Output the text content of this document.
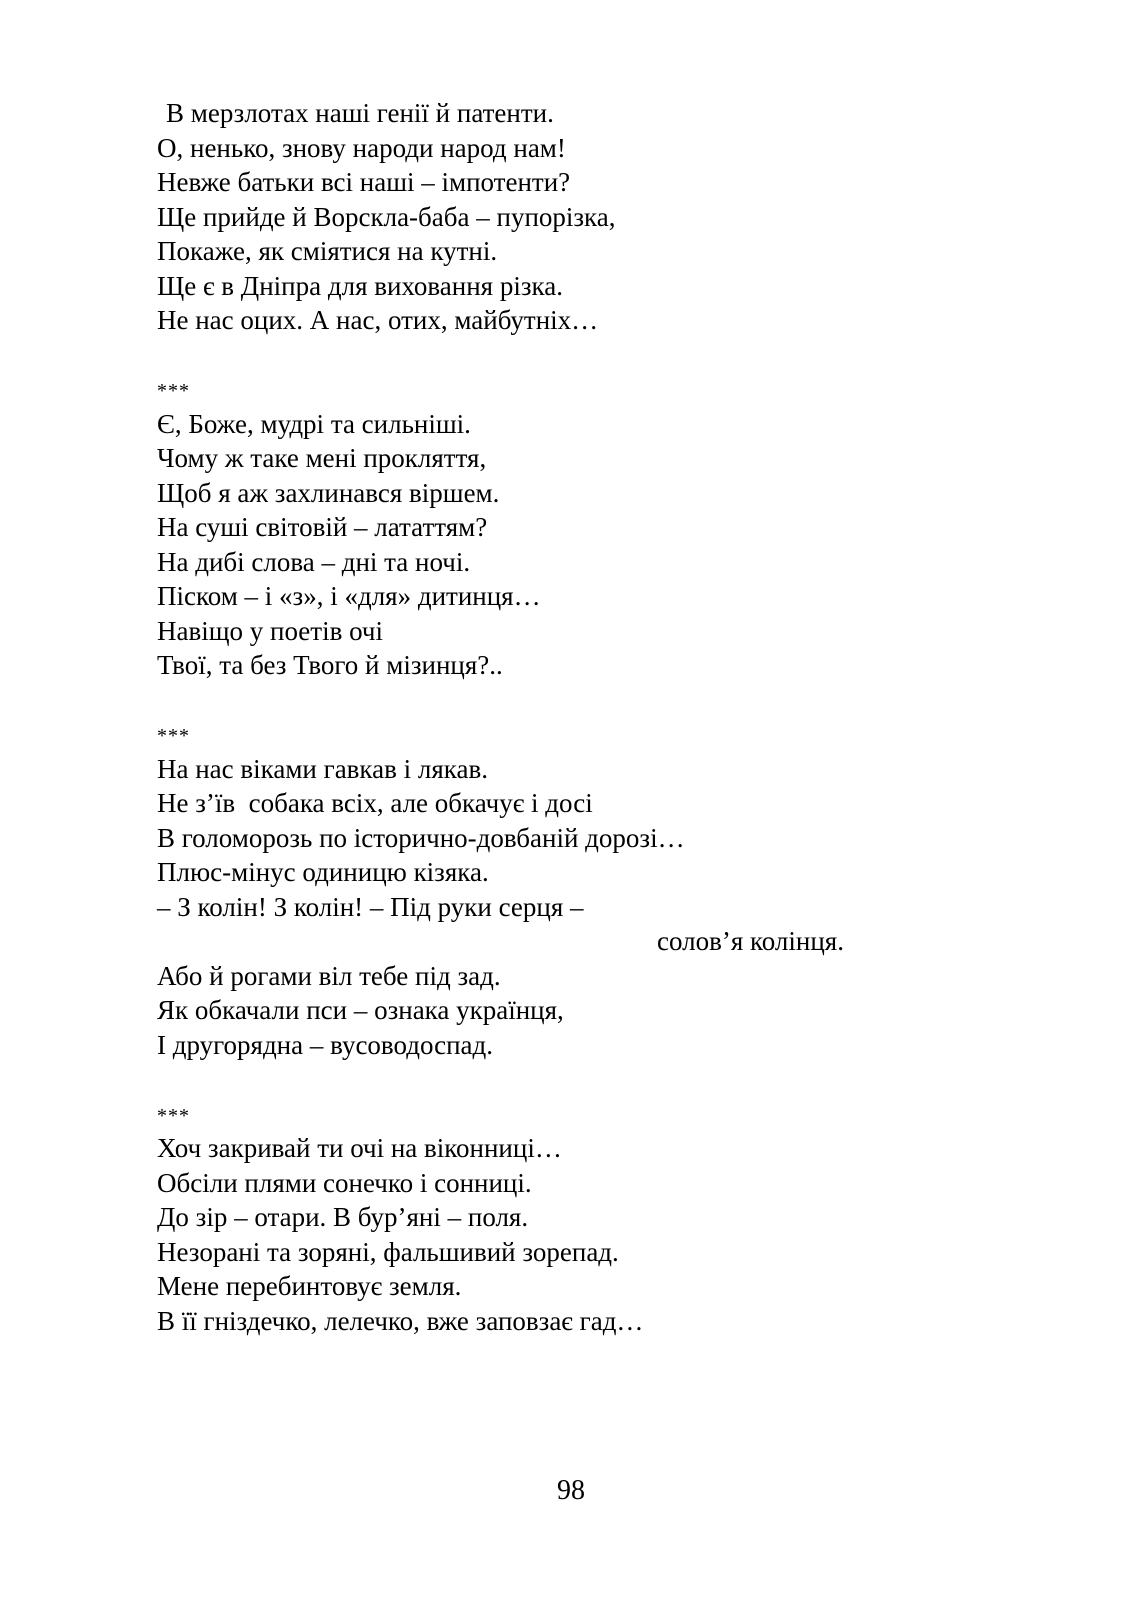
В мерзлотах наші генії й патенти.
О, ненько, знову народи народ нам!
Невже батьки всі наші – імпотенти?
Ще прийде й Ворскла-баба – пупорізка,
Покаже, як сміятися на кутні.
Ще є в Дніпра для виховання різка.
Не нас оцих. А нас, отих, майбутніх…
***
Є, Боже, мудрі та сильніші.
Чому ж таке мені прокляття,
Щоб я аж захлинався віршем.
На суші світовій – лататтям?
На дибі слова – дні та ночі.
Піском – і «з», і «для» дитинця…
Навіщо у поетів очі
Твої, та без Твого й мізинця?..
***
На нас віками гавкав і лякав.
Не з’їв  собака всіх, але обкачує і досі
В голоморозь по історично-довбаній дорозі…
Плюс-мінус одиницю кізяка.
– З колін! З колін! – Під руки серця –
солов’я колінця.
Або й рогами віл тебе під зад.
Як обкачали пси – ознака українця,
І другорядна – вусоводоспад.
***
Хоч закривай ти очі на віконниці…
Обсіли плями сонечко і сонниці.
До зір – отари. В бур’яні – поля.
Незорані та зоряні, фальшивий зорепад.
Мене перебинтовує земля.
В її гніздечко, лелечко, вже заповзає гад…
98
